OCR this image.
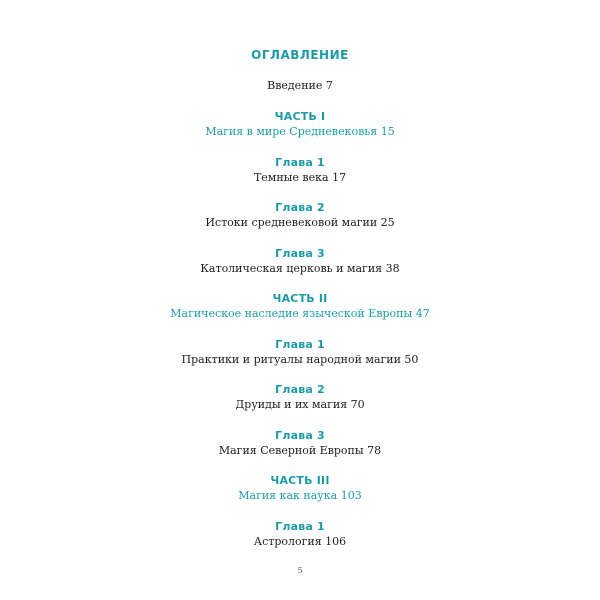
ОГЛАВЛЕНИЕ
Введение 7
ЧАСТЬ I
Магия в мире Средневековья 15
Глава 1
Темные века 17
Глава 2
Истоки средневековой магии 25
Глава 3
Католическая церковь и магия 38
ЧАСТЬ II
Магическое наследие языческой Европы 47
Глава 1
Практики и ритуалы народной магии 50
Глава 2
Друиды и их магия 70
Глава 3
Магия Северной Европы 78
ЧАСТЬ III
Магия как наука 103
Глава 1
Астрология 106
5
